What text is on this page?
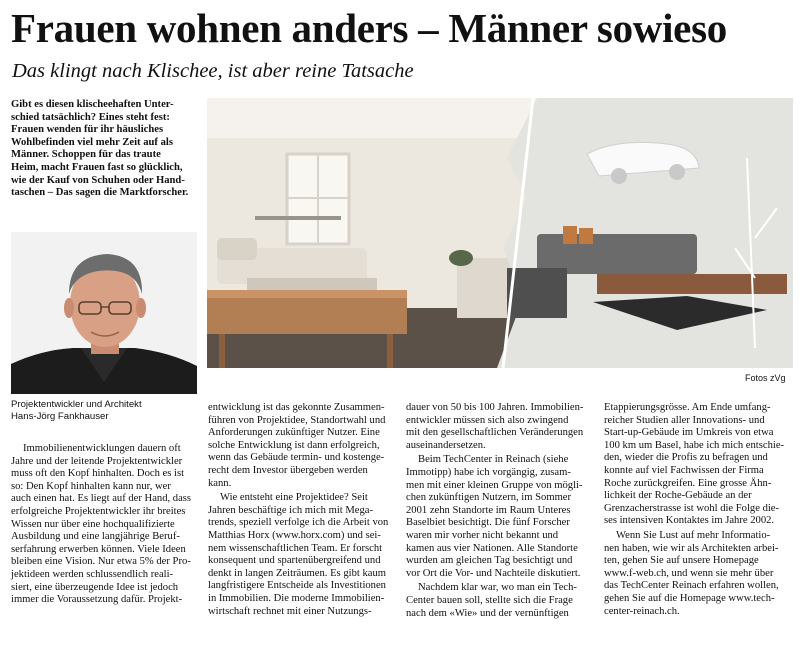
Frauen wohnen anders – Männer sowieso
Das klingt nach Klischee, ist aber reine Tatsache
Gibt es diesen klischeehaften Unter-
schied tatsächlich? Eines steht fest:
Frauen wenden für ihr häusliches
Wohlbefinden viel mehr Zeit auf als
Männer. Schoppen für das traute
Heim, macht Frauen fast so glücklich,
wie der Kauf von Schuhen oder Hand-
taschen – Das sagen die Marktforscher.
Projektentwickler und Architekt
Hans-Jörg Fankhauser
Fotos zVg
Immobilienentwicklungen dauern oft
Jahre und der leitende Projektentwickler
muss oft den Kopf hinhalten. Doch es ist
so: Den Kopf hinhalten kann nur, wer
auch einen hat. Es liegt auf der Hand, dass
erfolgreiche Projektentwickler ihr breites
Wissen nur über eine hochqualifizierte
Ausbildung und eine langjährige Beruf-
serfahrung erwerben können. Viele Ideen
bleiben eine Vision. Nur etwa 5% der Pro-
jektideen werden schlussendlich reali-
siert, eine überzeugende Idee ist jedoch
immer die Voraussetzung dafür. Projekt-
entwicklung ist das gekonnte Zusammen-
führen von Projektidee, Standortwahl und
Anforderungen zukünftiger Nutzer. Eine
solche Entwicklung ist dann erfolgreich,
wenn das Gebäude termin- und kostenge-
recht dem Investor übergeben werden
kann.
Wie entsteht eine Projektidee? Seit
Jahren beschäftige ich mich mit Mega-
trends, speziell verfolge ich die Arbeit von
Matthias Horx (www.horx.com) und sei-
nem wissenschaftlichen Team. Er forscht
konsequent und spartenübergreifend und
denkt in langen Zeiträumen. Es gibt kaum
langfristigere Entscheide als Investitionen
in Immobilien. Die moderne Immobilien-
wirtschaft rechnet mit einer Nutzungs-
dauer von 50 bis 100 Jahren. Immobilien-
entwickler müssen sich also zwingend
mit den gesellschaftlichen Veränderungen
auseinandersetzen.
Beim TechCenter in Reinach (siehe
Immotipp) habe ich vorgängig, zusam-
men mit einer kleinen Gruppe von mögli-
chen zukünftigen Nutzern, im Sommer
2001 zehn Standorte im Raum Unteres
Baselbiet besichtigt. Die fünf Forscher
waren mir vorher nicht bekannt und
kamen aus vier Nationen. Alle Standorte
wurden am gleichen Tag besichtigt und
vor Ort die Vor- und Nachteile diskutiert.
Nachdem klar war, wo man ein Tech-
Center bauen soll, stellte sich die Frage
nach dem «Wie» und der vernünftigen
Etappierungsgrösse. Am Ende umfang-
reicher Studien aller Innovations- und
Start-up-Gebäude im Umkreis von etwa
100 km um Basel, habe ich mich entschie-
den, wieder die Profis zu befragen und
konnte auf viel Fachwissen der Firma
Roche zurückgreifen. Eine grosse Ähn-
lichkeit der Roche-Gebäude an der
Grenzacherstrasse ist wohl die Folge die-
ses intensiven Kontaktes im Jahre 2002.
Wenn Sie Lust auf mehr Informatio-
nen haben, wie wir als Architekten arbei-
ten, gehen Sie auf unsere Homepage
www.f-web.ch, und wenn sie mehr über
das TechCenter Reinach erfahren wollen,
gehen Sie auf die Homepage www.tech-
center-reinach.ch.
